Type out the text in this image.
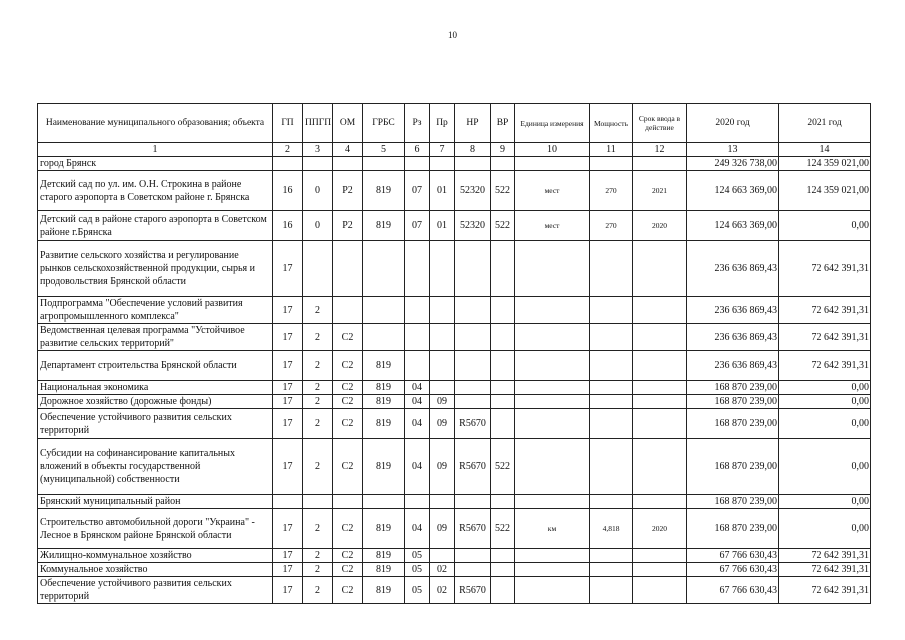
10
Наименование муниципального образования; объекта	ГП	ППГП	ОМ	ГРБС	Рз	Пр	НР	ВР	Единица измерения	Мощность	Срок ввода в действие	2020 год	2021 год
1	2	3	4	5	6	7	8	9	10	11	12	13	14
город Брянск												249 326 738,00	124 359 021,00
Детский сад по ул. им. О.Н. Строкина в районе старого аэропорта в Советском районе г. Брянска	16	0	Р2	819	07	01	52320	522	мест	270	2021	124 663 369,00	124 359 021,00
Детский сад в районе старого аэропорта в Советском районе г.Брянска	16	0	Р2	819	07	01	52320	522	мест	270	2020	124 663 369,00	0,00
Развитие сельского хозяйства и регулирование рынков сельскохозяйственной продукции, сырья и продовольствия Брянской области	17											236 636 869,43	72 642 391,31
Подпрограмма "Обеспечение условий развития агропромышленного комплекса"	17	2										236 636 869,43	72 642 391,31
Ведомственная целевая программа "Устойчивое развитие сельских территорий"	17	2	С2									236 636 869,43	72 642 391,31
Департамент строительства Брянской области	17	2	С2	819								236 636 869,43	72 642 391,31
Национальная экономика	17	2	С2	819	04							168 870 239,00	0,00
Дорожное хозяйство (дорожные фонды)	17	2	С2	819	04	09						168 870 239,00	0,00
Обеспечение устойчивого развития сельских территорий	17	2	С2	819	04	09	R5670					168 870 239,00	0,00
Субсидии на софинансирование капитальных вложений в объекты государственной (муниципальной) собственности	17	2	С2	819	04	09	R5670	522				168 870 239,00	0,00
Брянский муниципальный район												168 870 239,00	0,00
Строительство автомобильной дороги "Украина" - Лесное в Брянском районе Брянской области	17	2	С2	819	04	09	R5670	522	км	4,818	2020	168 870 239,00	0,00
Жилищно-коммунальное хозяйство	17	2	С2	819	05							67 766 630,43	72 642 391,31
Коммунальное хозяйство	17	2	С2	819	05	02						67 766 630,43	72 642 391,31
Обеспечение устойчивого развития сельских территорий	17	2	С2	819	05	02	R5670					67 766 630,43	72 642 391,31
